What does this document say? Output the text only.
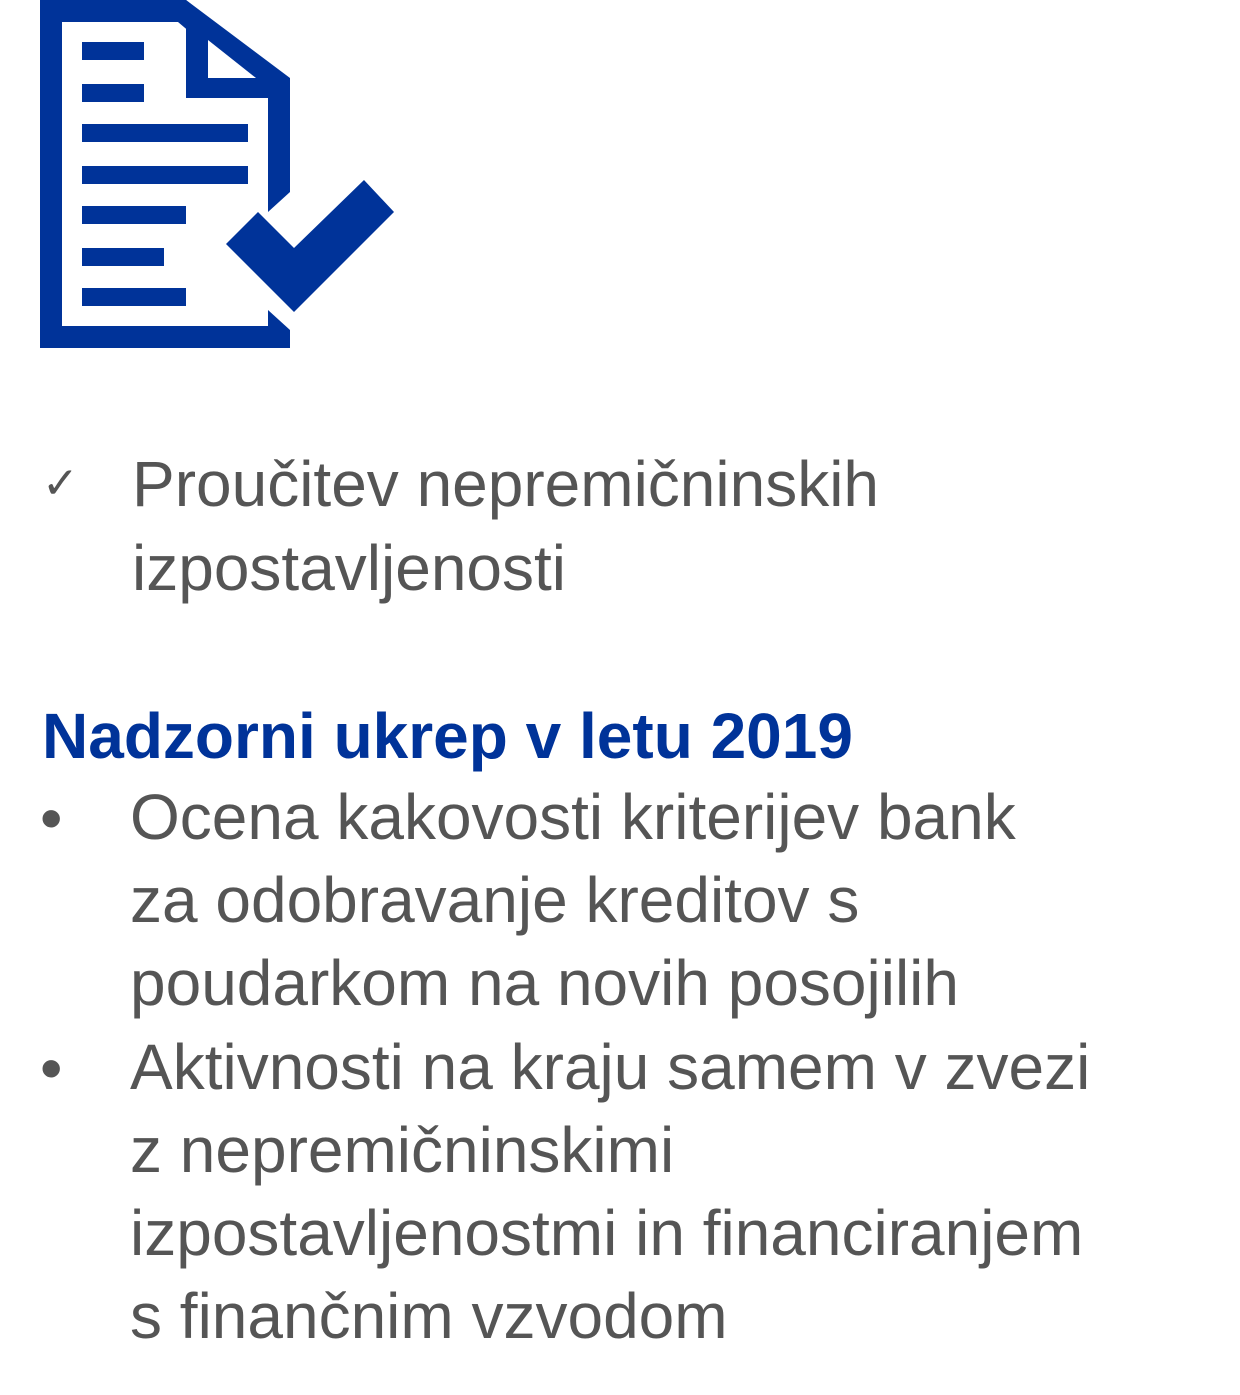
✓ Proučitev nepremičninskih
izpostavljenosti
Nadzorni ukrep v letu 2019
•	Ocena kakovosti kriterijev bank
za odobravanje kreditov s
poudarkom na novih posojilih
•	Aktivnosti na kraju samem v zvezi
z nepremičninskimi
izpostavljenostmi in financiranjem
s finančnim vzvodom
